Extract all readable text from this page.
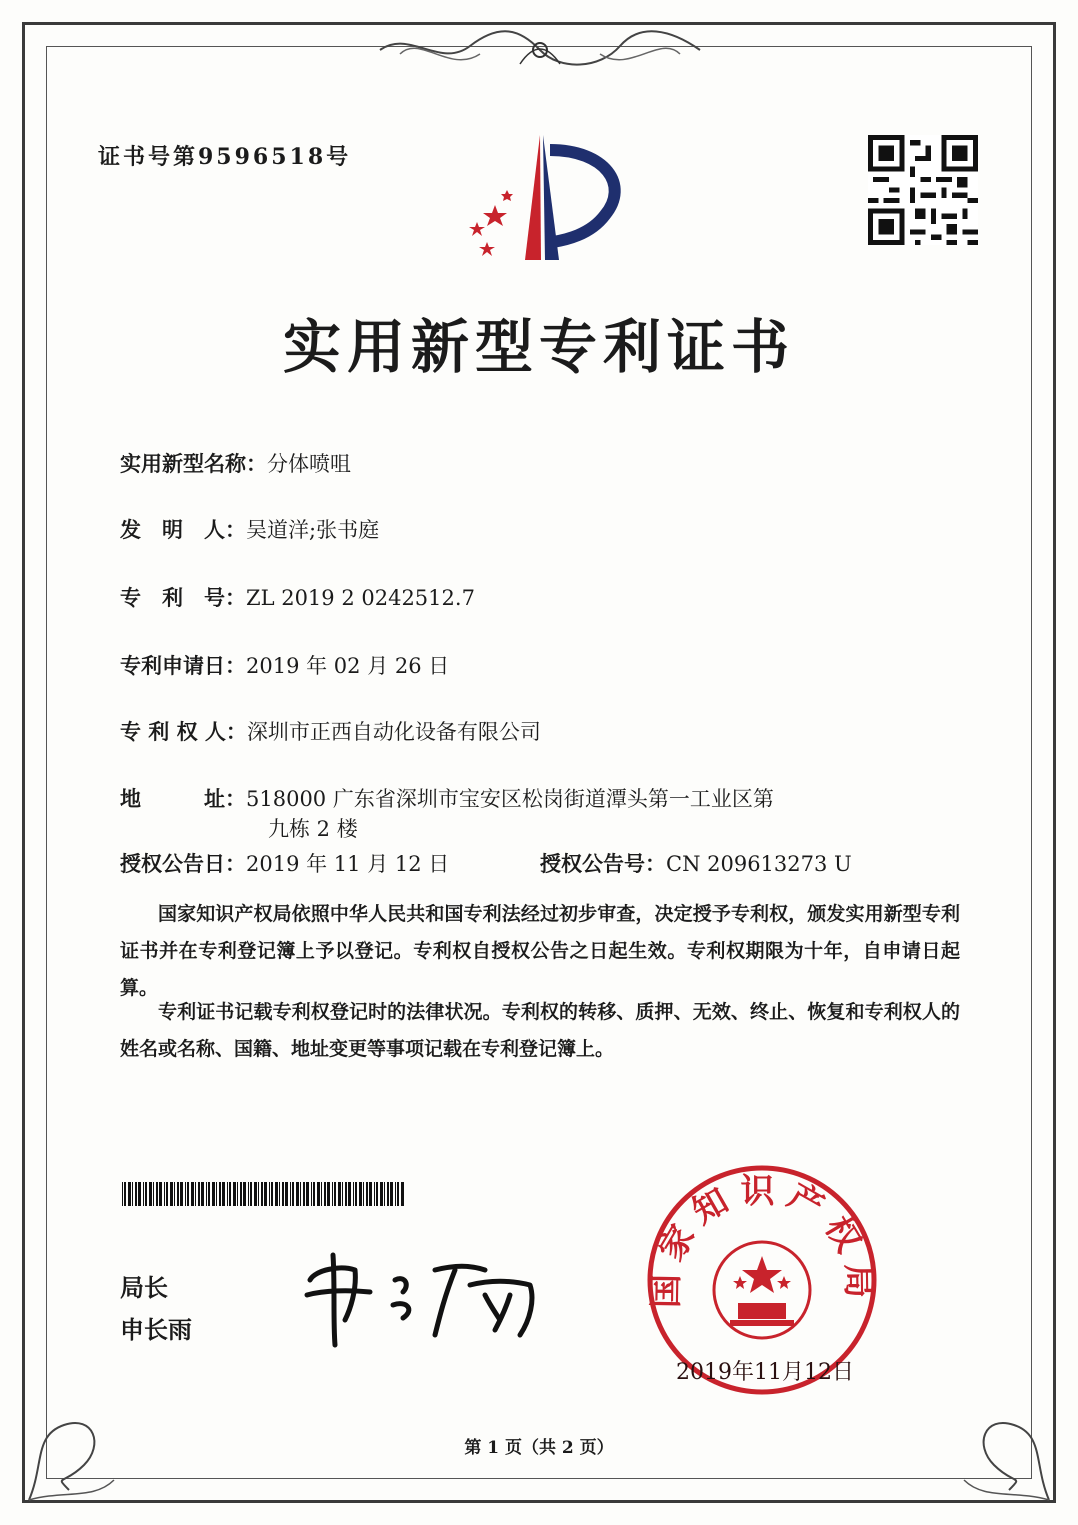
证书号第9596518号
实用新型专利证书
实用新型名称：分体喷咀
发　明　人：吴道洋;张书庭
专　利　号：ZL 2019 2 0242512.7
专利申请日：2019 年 02 月 26 日
专 利 权 人：深圳市正西自动化设备有限公司
地　　　址：518000 广东省深圳市宝安区松岗街道潭头第一工业区第
九栋 2 楼
授权公告日：2019 年 11 月 12 日	授权公告号：CN 209613273 U
国家知识产权局依照中华人民共和国专利法经过初步审查，决定授予专利权，颁发实用新型专利证书并在专利登记簿上予以登记。专利权自授权公告之日起生效。专利权期限为十年，自申请日起算。
专利证书记载专利权登记时的法律状况。专利权的转移、质押、无效、终止、恢复和专利权人的姓名或名称、国籍、地址变更等事项记载在专利登记簿上。
局长
申长雨
国家知识产权局
2019年11月12日
第 1 页（共 2 页）
